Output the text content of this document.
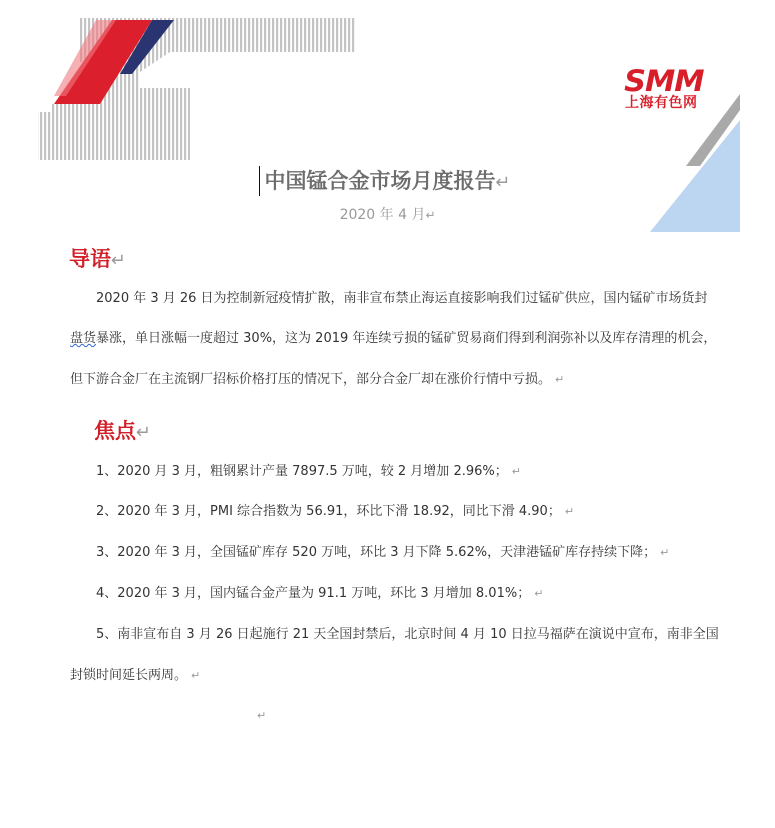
SMM
上海有色网
中国锰合金市场月度报告↵
2020 年 4 月↵
导语↵
2020 年 3 月 26 日为控制新冠疫情扩散，南非宣布禁止海运直接影响我们过锰矿供应，国内锰矿市场货封
盘货暴涨，单日涨幅一度超过 30%，这为 2019 年连续亏损的锰矿贸易商们得到利润弥补以及库存清理的机会，
但下游合金厂在主流钢厂招标价格打压的情况下，部分合金厂却在涨价行情中亏损。 ↵
焦点↵
1、2020 月 3 月，粗钢累计产量 7897.5 万吨，较 2 月增加 2.96%； ↵
2、2020 年 3 月，PMI 综合指数为 56.91，环比下滑 18.92，同比下滑 4.90； ↵
3、2020 年 3 月，全国锰矿库存 520 万吨，环比 3 月下降 5.62%，天津港锰矿库存持续下降； ↵
4、2020 年 3 月，国内锰合金产量为 91.1 万吨，环比 3 月增加 8.01%； ↵
5、南非宣布自 3 月 26 日起施行 21 天全国封禁后，北京时间 4 月 10 日拉马福萨在演说中宣布，南非全国
封锁时间延长两周。 ↵
↵
